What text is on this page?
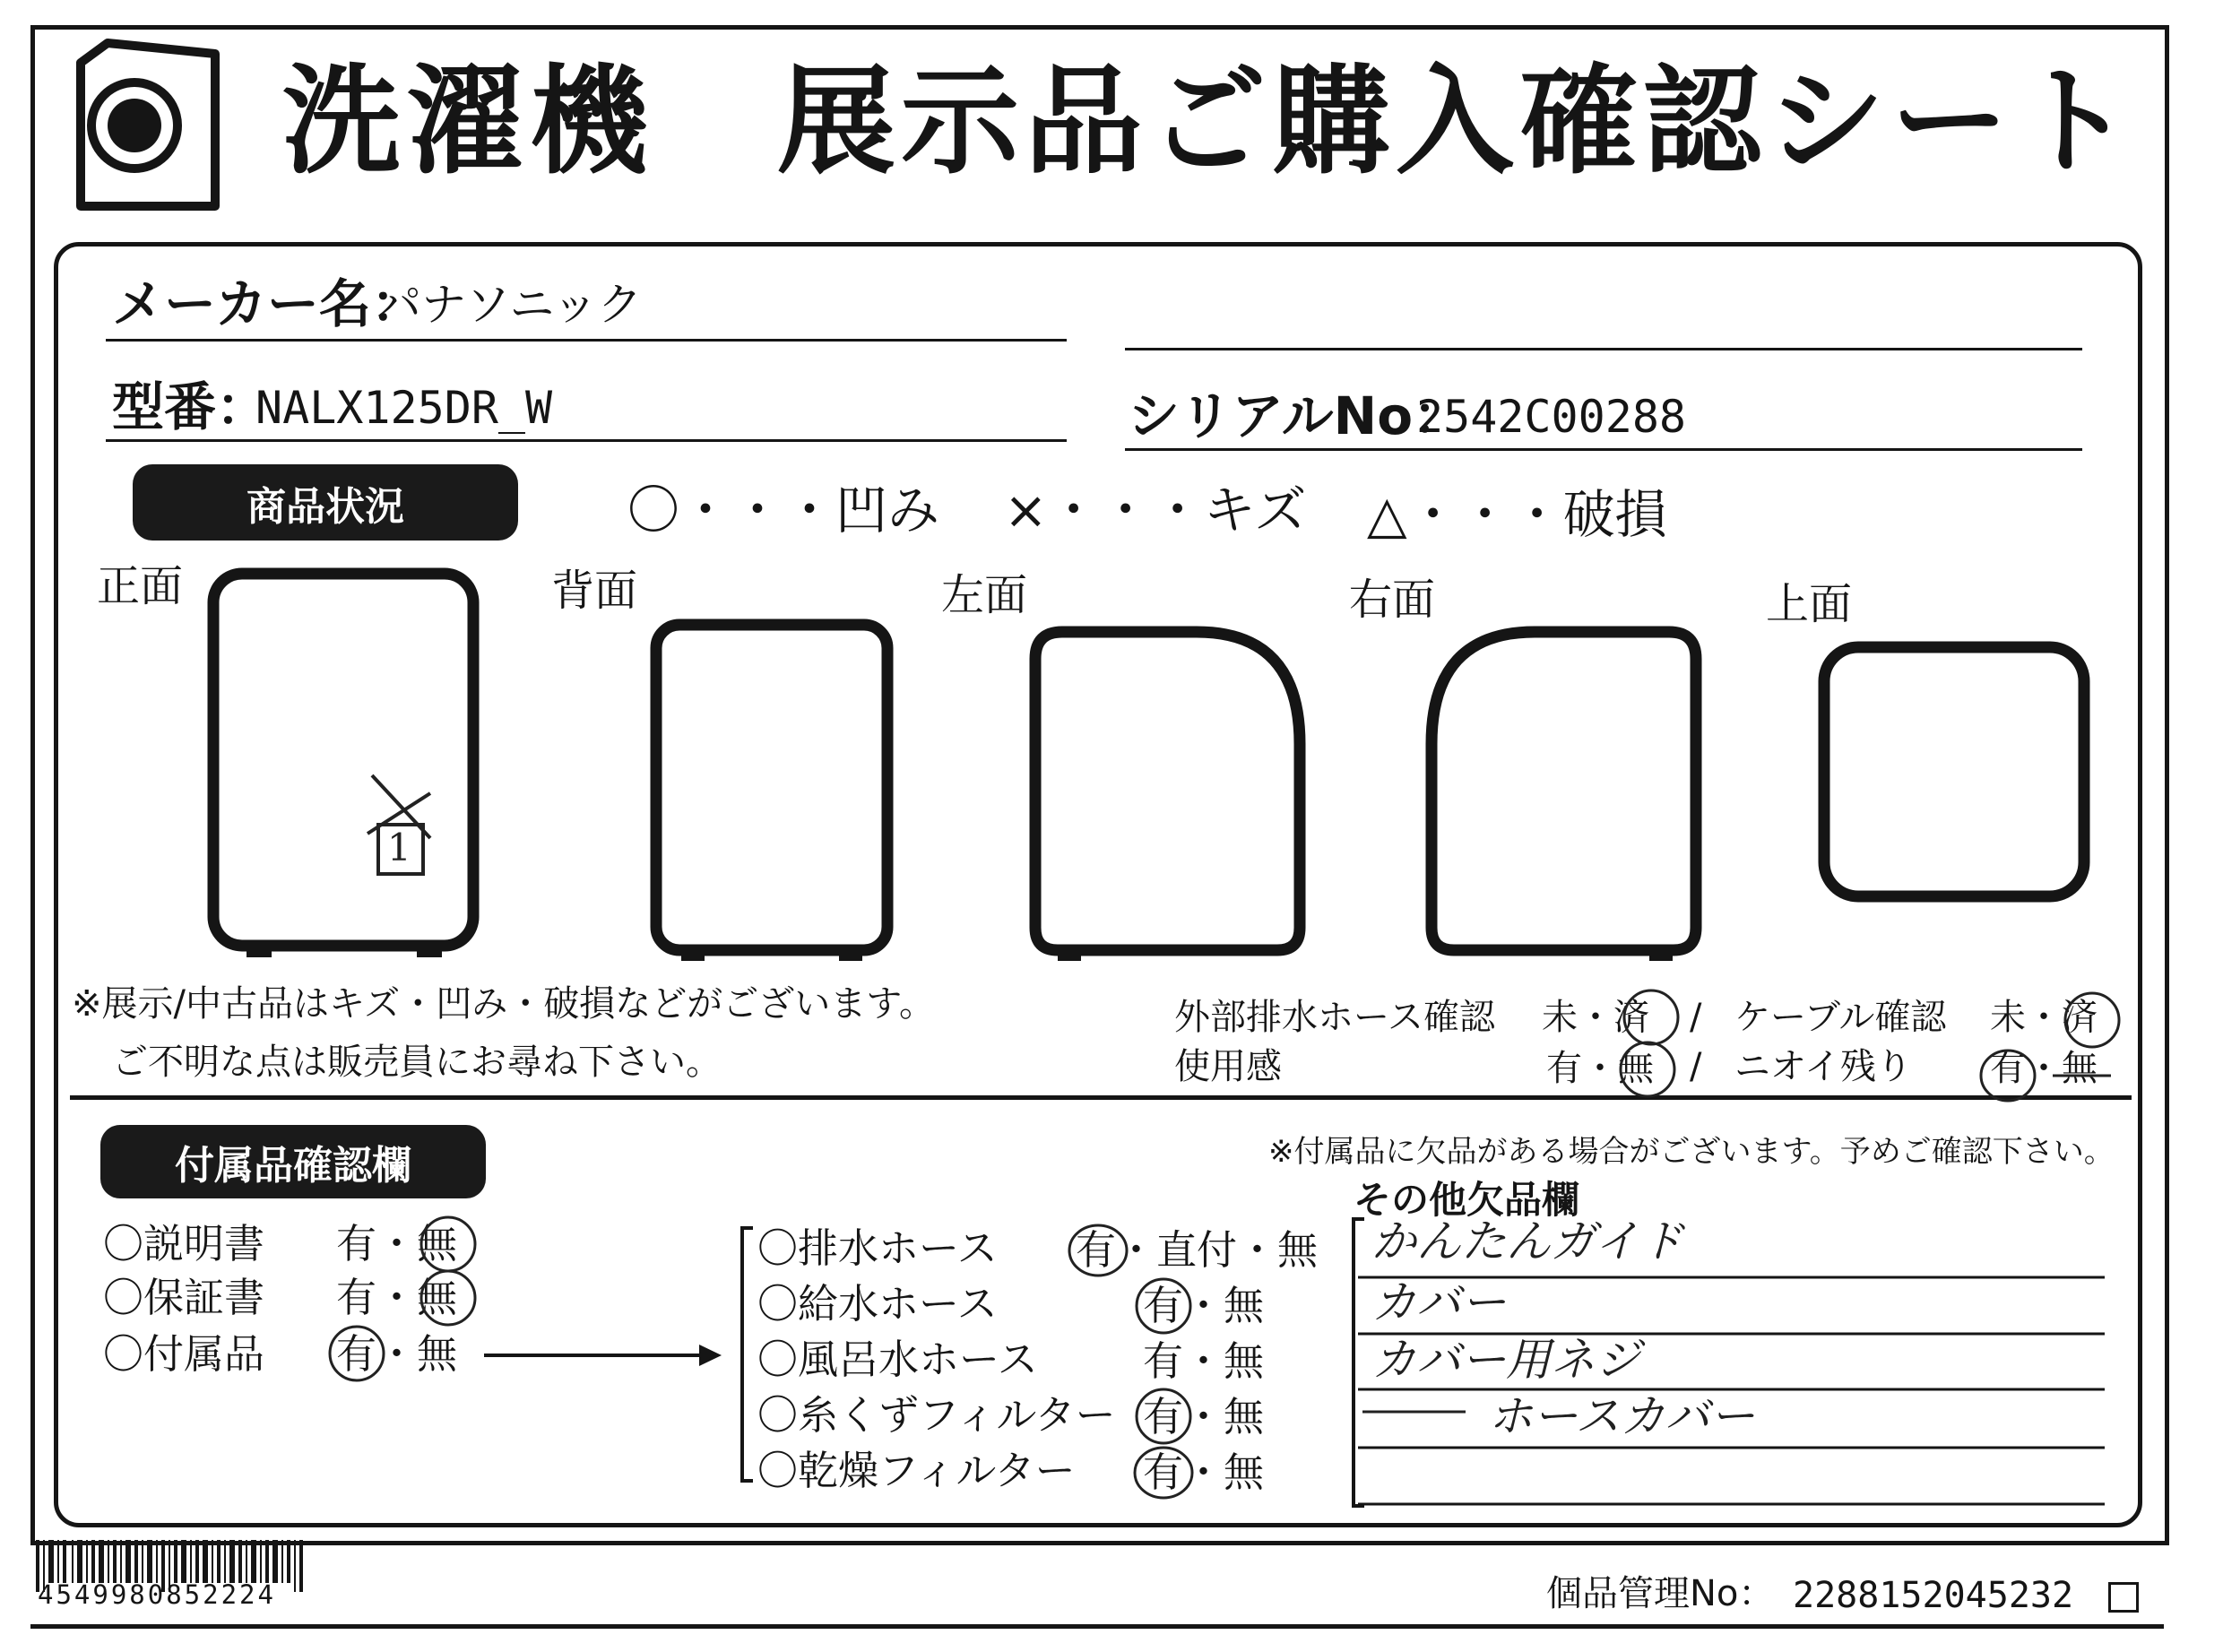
洗濯機　展示品ご購入確認シート
メーカー名：
パナソニック
型番：
NALX125DR_W	シリアルNo：
2542C00288
商品状況	〇・・・凹み ×・・・キズ △・・・破損
正面	背面	左面	右面	上面
1
※展示/中古品はキズ・凹み・破損などがございます。
ご不明な点は販売員にお尋ね下さい。
外部排水ホース確認 未・済 / ケーブル確認 未・済
使用感	有・無 / ニオイ残り 有・無
付属品確認欄	※付属品に欠品がある場合がございます。予めご確認下さい。
その他欠品欄
〇説明書 有・無
〇保証書 有・無
〇付属品 有・無
〇排水ホース 有・直付・無
〇給水ホース	有・無
〇風呂水ホース	有・無
〇糸くずフィルター 有・無
〇乾燥フィルター 有・無
かんたんガイド
カバー
カバー用ネジ
ホースカバー
4549980852224	個品管理No： 2288152045232
